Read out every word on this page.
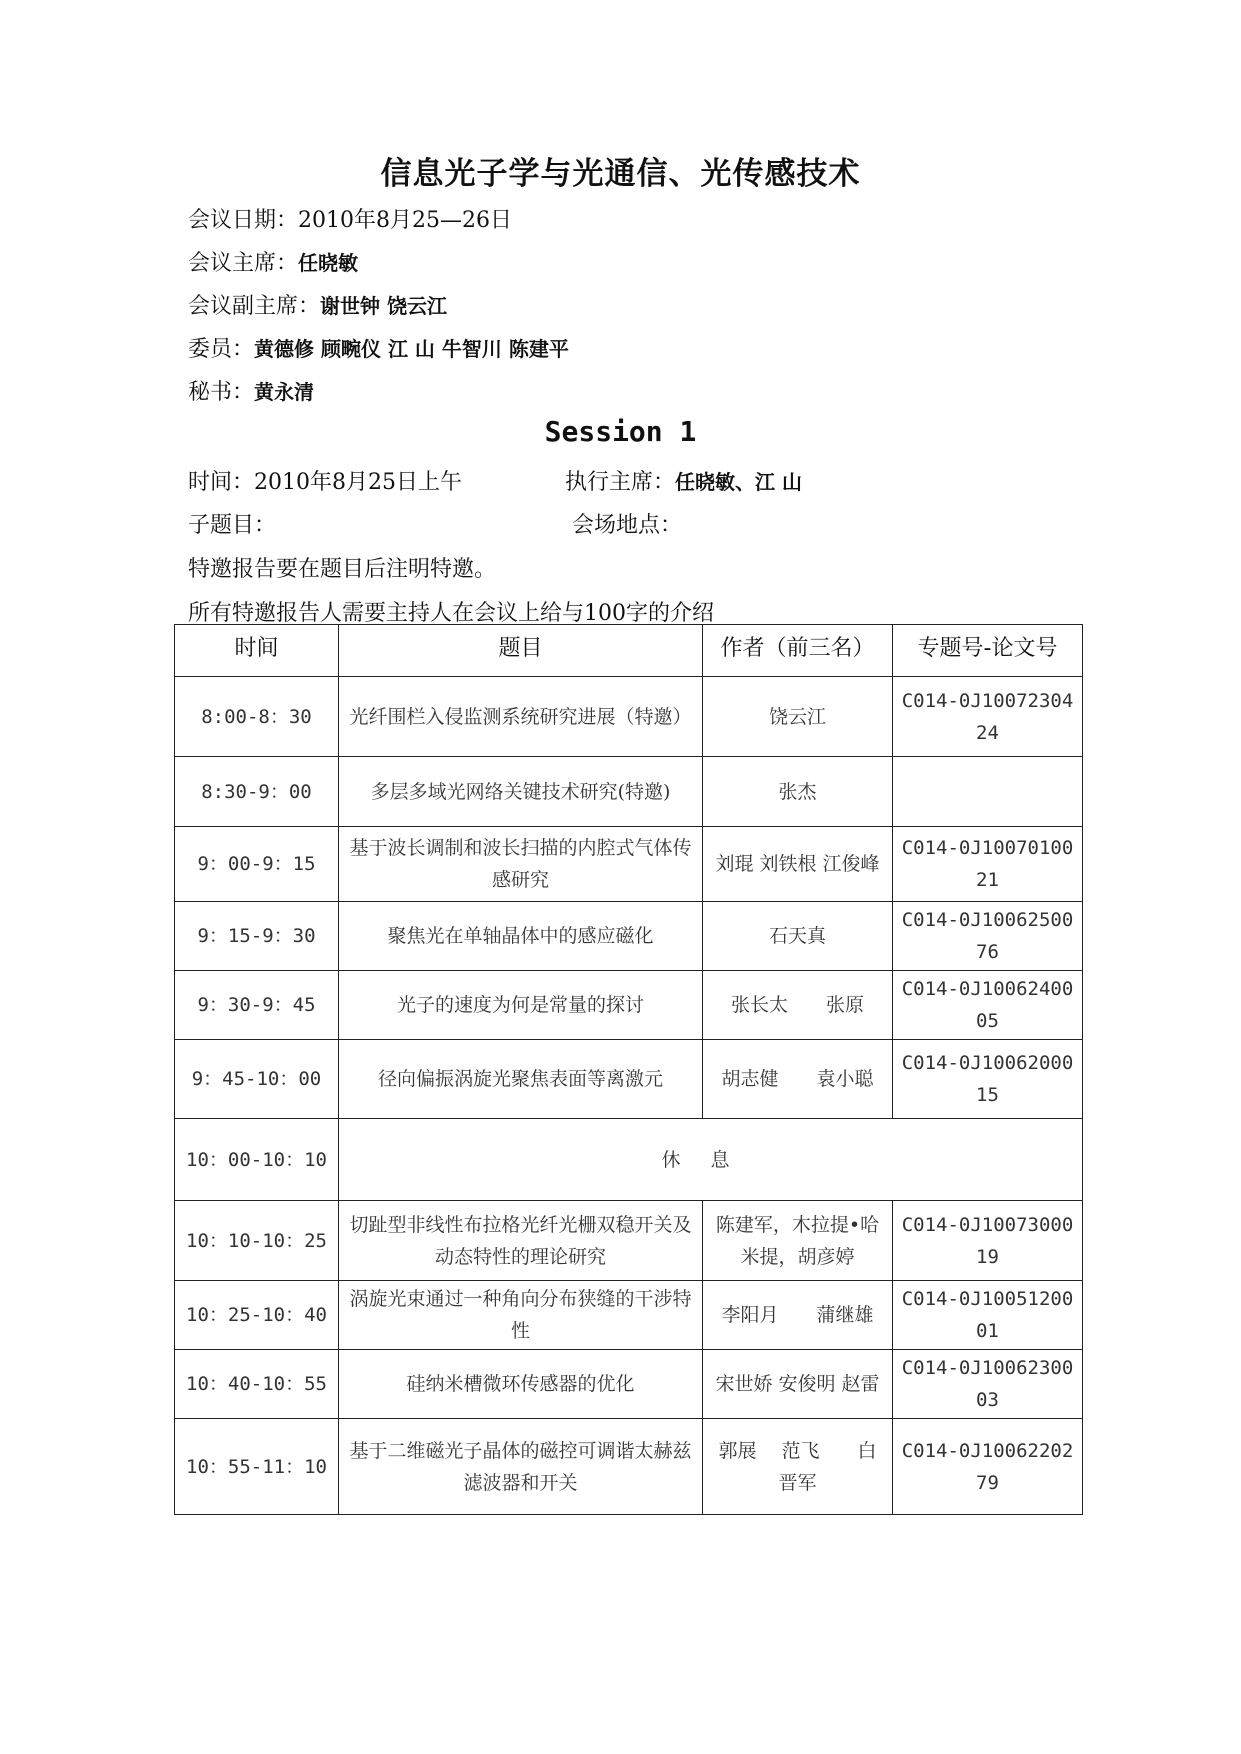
信息光子学与光通信、光传感技术
会议日期：2010年8月25—26日
会议主席：任晓敏
会议副主席：谢世钟 饶云江
委员：黄德修 顾畹仪 江 山 牛智川 陈建平
秘书：黄永清
Session 1
时间：2010年8月25日上午	执行主席：任晓敏、江 山
子题目：	会场地点：
特邀报告要在题目后注明特邀。
所有特邀报告人需要主持人在会议上给与100字的介绍
时间	题目	作者（前三名）	专题号-论文号
8:00-8：30	光纤围栏入侵监测系统研究进展（特邀）	饶云江	C014-0J1007230424
8:30-9：00	多层多域光网络关键技术研究(特邀)	张杰	
9：00-9：15	基于波长调制和波长扫描的内腔式气体传感研究	刘琨 刘铁根 江俊峰	C014-0J1007010021
9：15-9：30	聚焦光在单轴晶体中的感应磁化	石天真	C014-0J1006250076
9：30-9：45	光子的速度为何是常量的探讨	张长太　　张原	C014-0J1006240005
9：45-10：00	径向偏振涡旋光聚焦表面等离激元	胡志健　　袁小聪	C014-0J1006200015
10：00-10：10	休息		
10：10-10：25	切趾型非线性布拉格光纤光栅双稳开关及动态特性的理论研究	陈建军，木拉提•哈米提，胡彦婷	C014-0J1007300019
10：25-10：40	涡旋光束通过一种角向分布狭缝的干涉特性	李阳月　　蒲继雄	C014-0J1005120001
10：40-10：55	硅纳米槽微环传感器的优化	宋世娇 安俊明 赵雷	C014-0J1006230003
10：55-11：10	基于二维磁光子晶体的磁控可调谐太赫兹滤波器和开关	郭展　 范飞　　白晋军	C014-0J1006220279
